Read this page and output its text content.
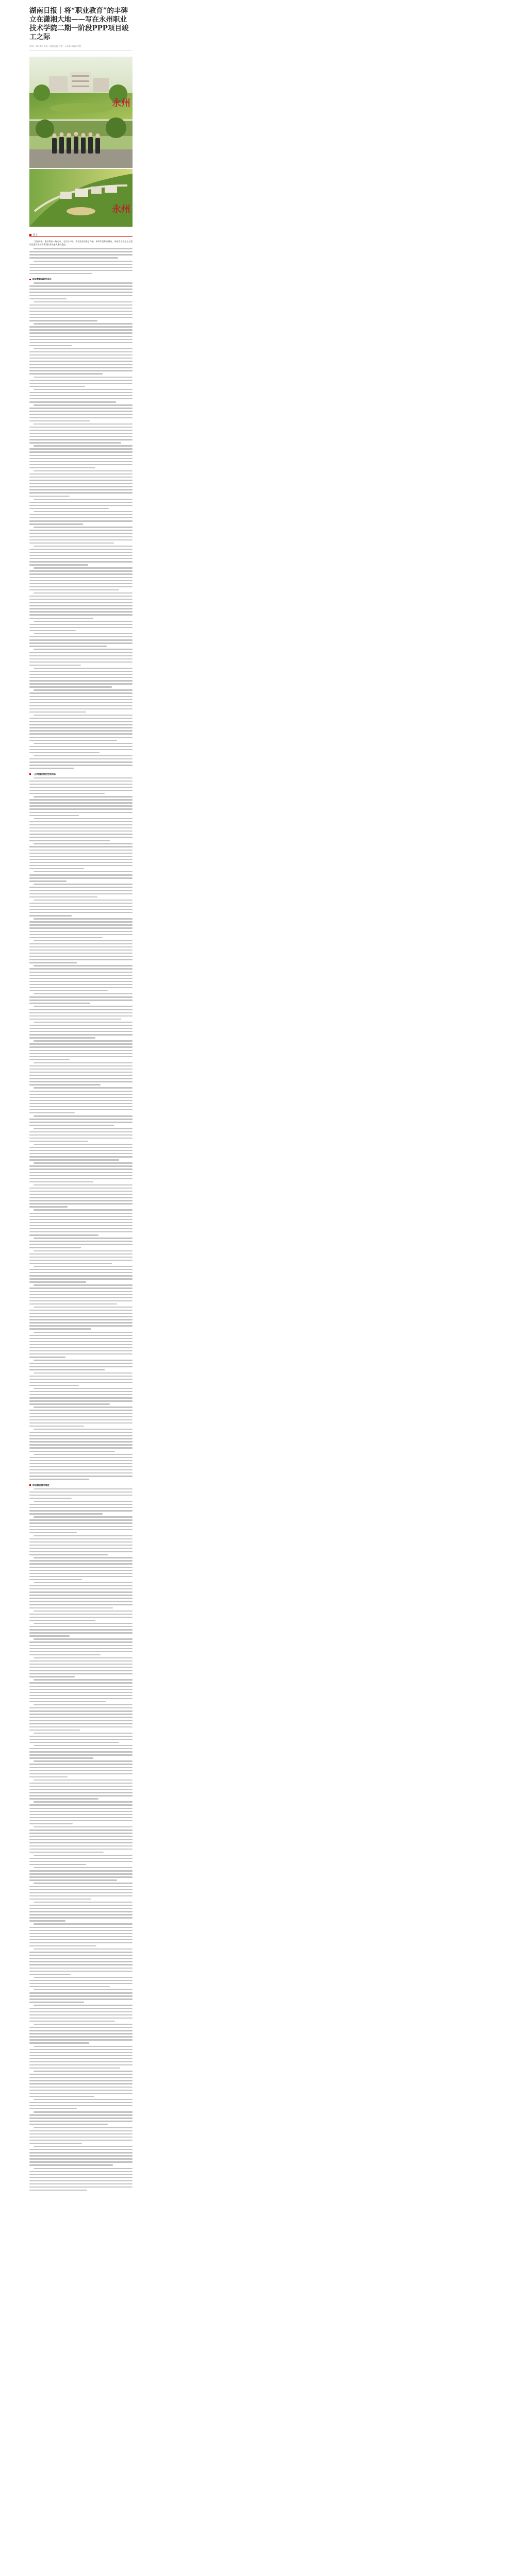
湖南日报｜将“职业教育”的丰碑立在潇湘大地——写在永州职业技术学院二期一阶段PPP项目竣工之际
时间：2019年 来源：湖南日报 作者：永州职业技术学院
永州
永州
原文
“回望历史，职业教育一路走来，为百业兴旺、家家富裕贡献了力量。新时代的职业教育，承担着为社会主义现代化建设培养高素质技术技能人才的重任。”
职业教育因时代而兴
一区两园多校的空间布局
项目建设稳步推进
